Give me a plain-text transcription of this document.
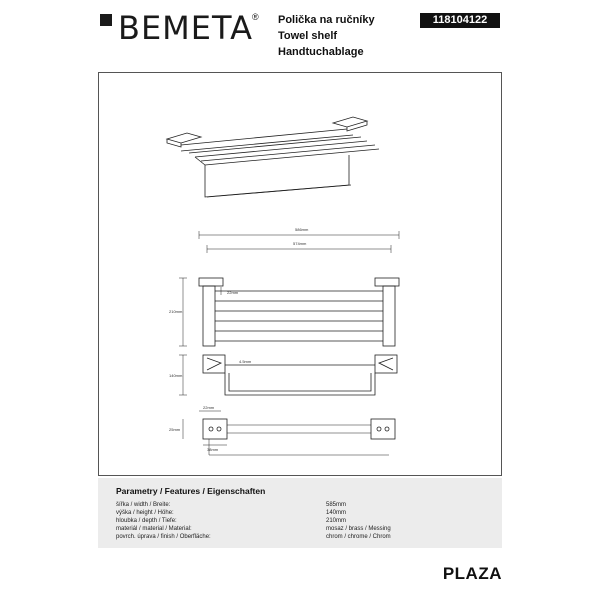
BEMETA ® Polička na ručníky
Towel shelf
Handtuchablage
118104122
586mm
574mm
210mm
22mm
140mm
4.5mm
25mm
22mm
38mm
Parametry / Features / Eigenschaften
šířka / width / Breite:	585mm
výška / height / Höhe:	140mm
hloubka / depth / Tiefe:	210mm
materiál / material / Material:	mosaz / brass / Messing
povrch. úprava / finish / Oberfläche:	chrom / chrome / Chrom
PLAZA
